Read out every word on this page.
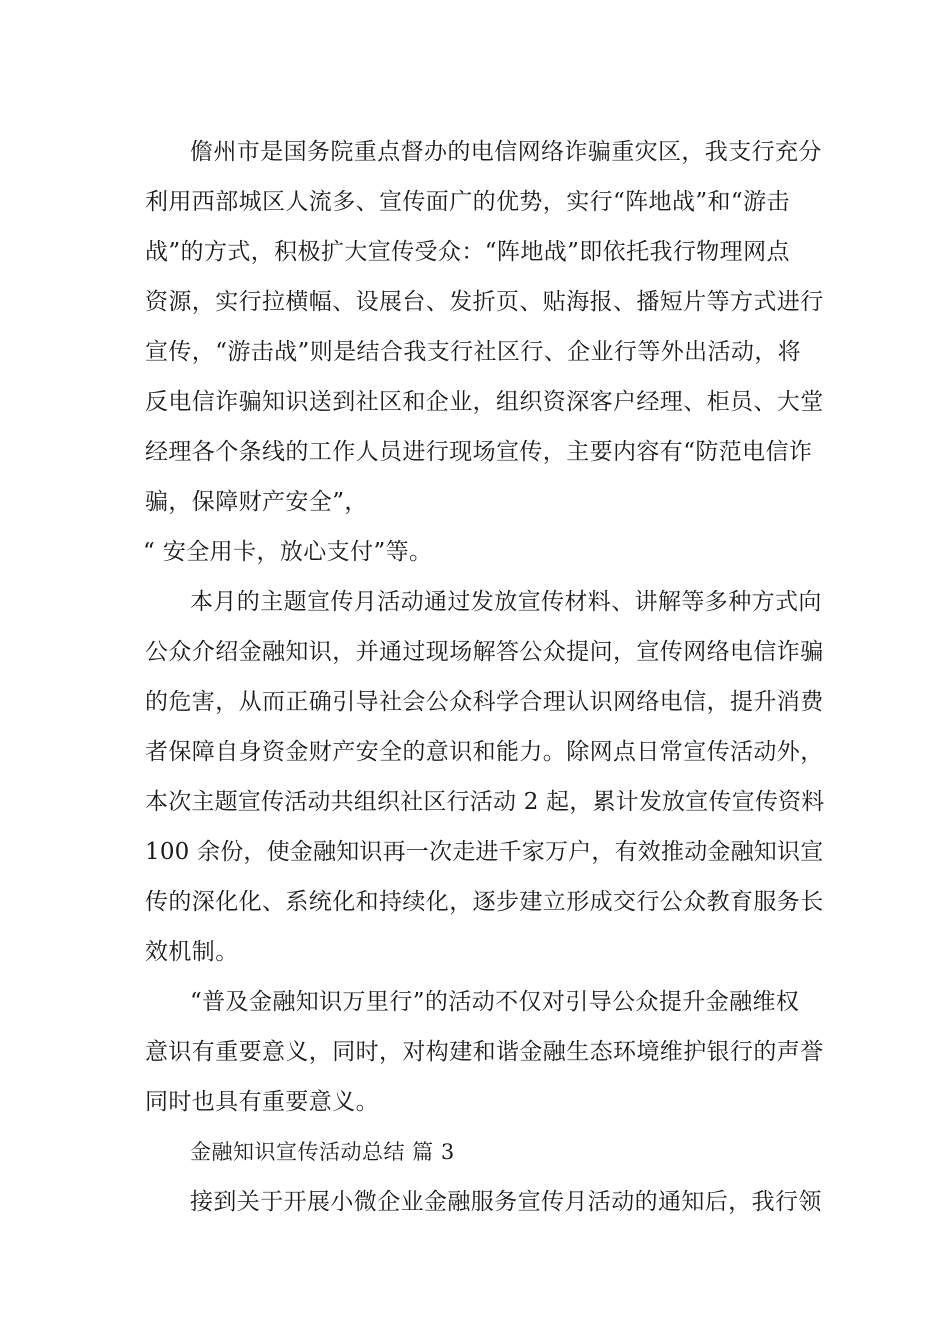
儋州市是国务院重点督办的电信网络诈骗重灾区，我支行充分
利用西部城区人流多、宣传面广的优势，实行“阵地战”和“游击
战”的方式，积极扩大宣传受众：“阵地战”即依托我行物理网点
资源，实行拉横幅、设展台、发折页、贴海报、播短片等方式进行
宣传，“游击战”则是结合我支行社区行、企业行等外出活动，将
反电信诈骗知识送到社区和企业，组织资深客户经理、柜员、大堂
经理各个条线的工作人员进行现场宣传，主要内容有“防范电信诈
骗，保障财产安全”，
“ 安全用卡，放心支付”等。
本月的主题宣传月活动通过发放宣传材料、讲解等多种方式向
公众介绍金融知识，并通过现场解答公众提问，宣传网络电信诈骗
的危害，从而正确引导社会公众科学合理认识网络电信，提升消费
者保障自身资金财产安全的意识和能力。除网点日常宣传活动外，
本次主题宣传活动共组织社区行活动 2 起，累计发放宣传宣传资料
100 余份，使金融知识再一次走进千家万户，有效推动金融知识宣
传的深化化、系统化和持续化，逐步建立形成交行公众教育服务长
效机制。
“普及金融知识万里行”的活动不仅对引导公众提升金融维权
意识有重要意义，同时，对构建和谐金融生态环境维护银行的声誉
同时也具有重要意义。
金融知识宣传活动总结 篇 3
接到关于开展小微企业金融服务宣传月活动的通知后，我行领
